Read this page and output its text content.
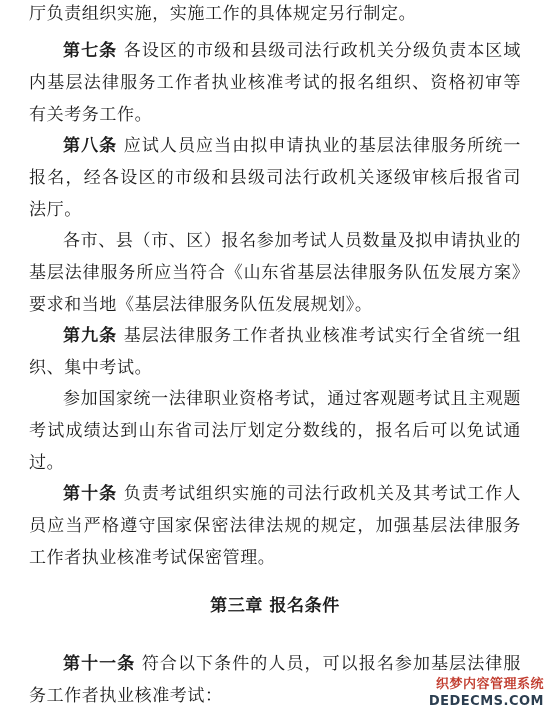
厅负责组织实施，实施工作的具体规定另行制定。

第七条 各设区的市级和县级司法行政机关分级负责本区域内基层法律服务工作者执业核准考试的报名组织、资格初审等有关考务工作。

第八条 应试人员应当由拟申请执业的基层法律服务所统一报名，经各设区的市级和县级司法行政机关逐级审核后报省司法厅。

各市、县（市、区）报名参加考试人员数量及拟申请执业的基层法律服务所应当符合《山东省基层法律服务队伍发展方案》要求和当地《基层法律服务队伍发展规划》。

第九条 基层法律服务工作者执业核准考试实行全省统一组织、集中考试。

参加国家统一法律职业资格考试，通过客观题考试且主观题考试成绩达到山东省司法厅划定分数线的，报名后可以免试通过。

第十条 负责考试组织实施的司法行政机关及其考试工作人员应当严格遵守国家保密法律法规的规定，加强基层法律服务工作者执业核准考试保密管理。

第三章 报名条件

第十一条 符合以下条件的人员，可以报名参加基层法律服务工作者执业核准考试：

织梦内容管理系统
DEDECMS.COM
